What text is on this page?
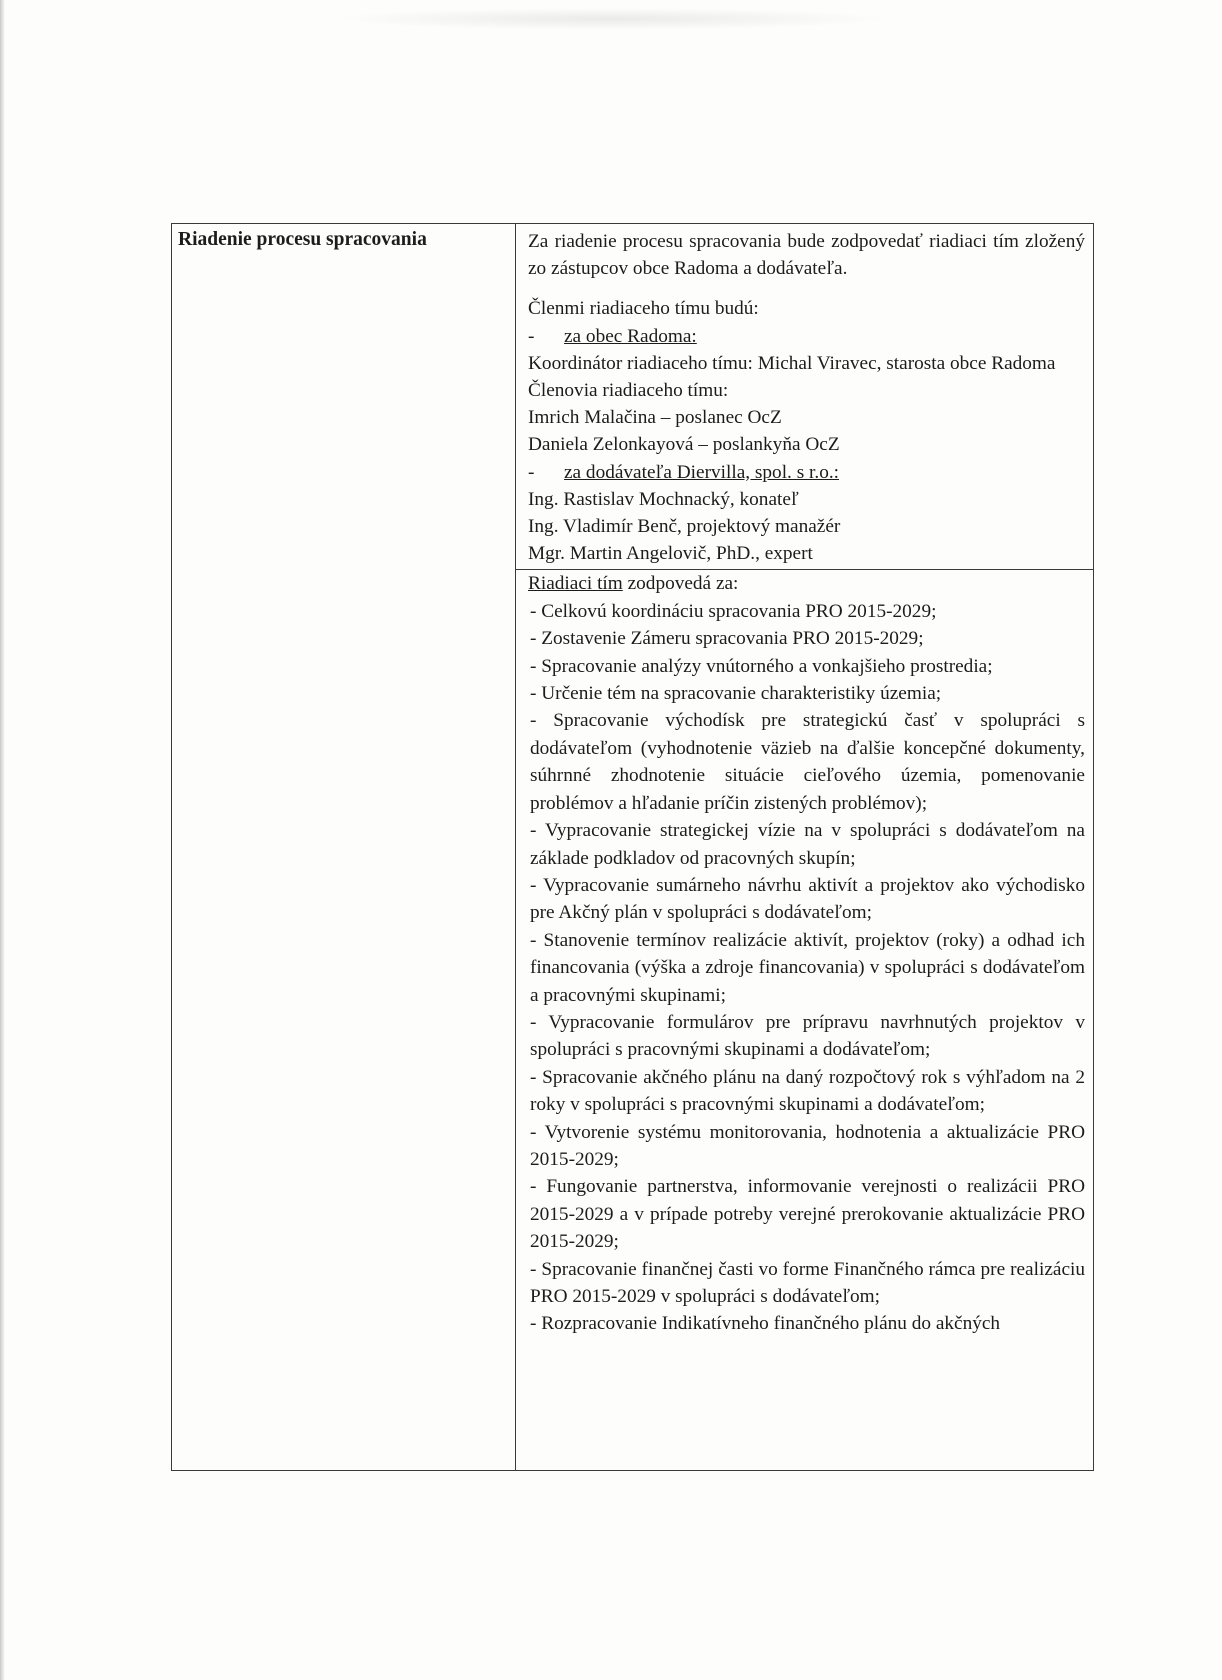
Riadenie procesu spracovania	Za riadenie procesu spracovania bude zodpovedať riadiaci tím zložený zo zástupcov obce Radoma a dodávateľa.

Členmi riadiaceho tímu budú:

-	za obec Radoma:

Koordinátor riadiaceho tímu: Michal Viravec, starosta obce Radoma

Členovia riadiaceho tímu:

Imrich Malačina – poslanec OcZ

Daniela Zelonkayová – poslankyňa OcZ

-	za dodávateľa Diervilla, spol. s r.o.:

Ing. Rastislav Mochnacký, konateľ

Ing. Vladimír Benč, projektový manažér

Mgr. Martin Angelovič, PhD., expert

Riadiaci tím zodpovedá za:

- Celkovú koordináciu spracovania PRO 2015-2029;

- Zostavenie Zámeru spracovania PRO 2015-2029;

- Spracovanie analýzy vnútorného a vonkajšieho prostredia;

- Určenie tém na spracovanie charakteristiky územia;

- Spracovanie východísk pre strategickú časť v spolupráci s dodávateľom (vyhodnotenie väzieb na ďalšie koncepčné dokumenty, súhrnné zhodnotenie situácie cieľového územia, pomenovanie problémov a hľadanie príčin zistených problémov);

- Vypracovanie strategickej vízie na v spolupráci s dodávateľom na základe podkladov od pracovných skupín;

- Vypracovanie sumárneho návrhu aktivít a projektov ako východisko pre Akčný plán v spolupráci s dodávateľom;

- Stanovenie termínov realizácie aktivít, projektov (roky) a odhad ich financovania (výška a zdroje financovania) v spolupráci s dodávateľom a pracovnými skupinami;

- Vypracovanie formulárov pre prípravu navrhnutých projektov v spolupráci s pracovnými skupinami a dodávateľom;

- Spracovanie akčného plánu na daný rozpočtový rok s výhľadom na 2 roky v spolupráci s pracovnými skupinami a dodávateľom;

- Vytvorenie systému monitorovania, hodnotenia a aktualizácie PRO 2015-2029;

- Fungovanie partnerstva, informovanie verejnosti o realizácii PRO 2015-2029 a v prípade potreby verejné prerokovanie aktualizácie PRO 2015-2029;

- Spracovanie finančnej časti vo forme Finančného rámca pre realizáciu PRO 2015-2029 v spolupráci s dodávateľom;

- Rozpracovanie Indikatívneho finančného plánu do akčných
